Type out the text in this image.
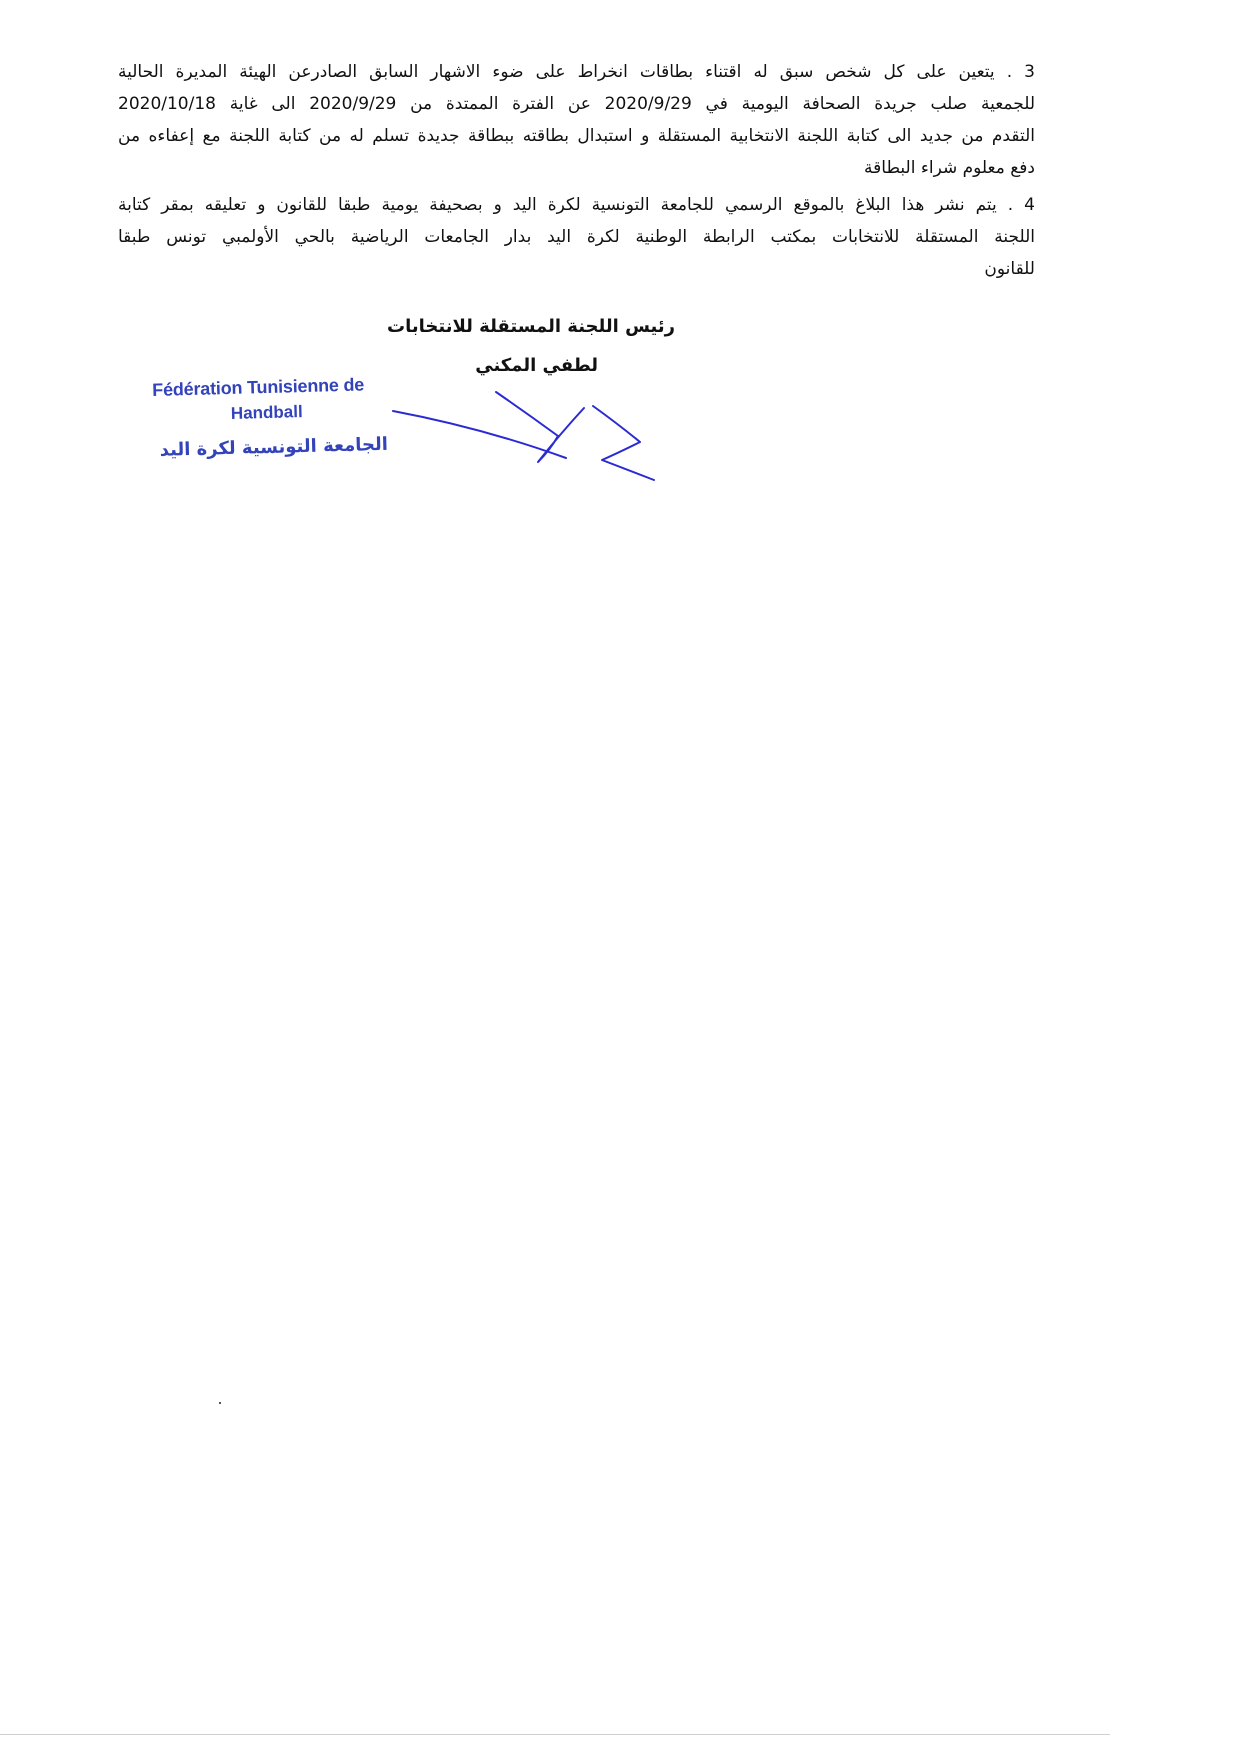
3 . يتعين على كل شخص سبق له اقتناء بطاقات انخراط على ضوء الاشهار السابق الصادرعن الهيئة المديرة الحالية
للجمعية صلب جريدة الصحافة اليومية في 2020/9/29 عن الفترة الممتدة من 2020/9/29 الى غاية 2020/10/18
التقدم من جديد الى كتابة اللجنة الانتخابية المستقلة و استبدال بطاقته ببطاقة جديدة تسلم له من كتابة اللجنة مع إعفاءه من
دفع معلوم شراء البطاقة
4 . يتم نشر هذا البلاغ بالموقع الرسمي للجامعة التونسية لكرة اليد و بصحيفة يومية طبقا للقانون و تعليقه بمقر كتابة
اللجنة المستقلة للانتخابات بمكتب الرابطة الوطنية لكرة اليد بدار الجامعات الرياضية بالحي الأولمبي تونس طبقا
للقانون
رئيس اللجنة المستقلة للانتخابات
لطفي المكني
Fédération Tunisienne de
Handball
الجامعة التونسية لكرة اليد
